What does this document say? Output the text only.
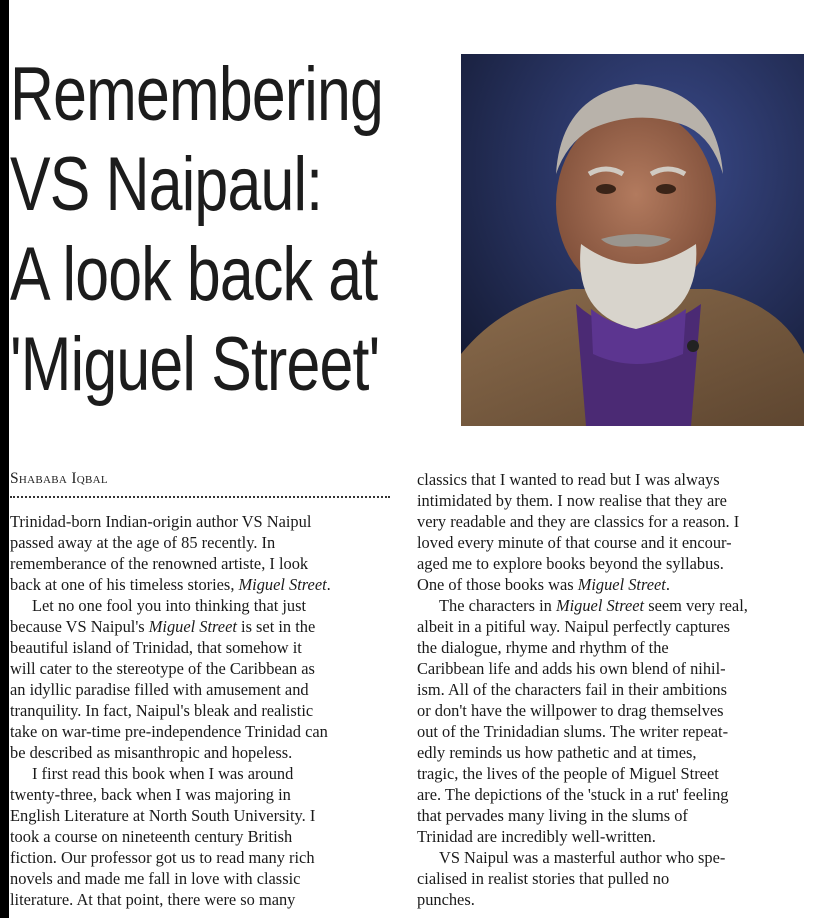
Remembering
VS Naipaul:
A look back at
'Miguel Street'
Shababa Iqbal
Trinidad-born Indian-origin author VS Naipul
passed away at the age of 85 recently. In
rememberance of the renowned artiste, I look
back at one of his timeless stories, Miguel Street.
Let no one fool you into thinking that just
because VS Naipul's Miguel Street is set in the
beautiful island of Trinidad, that somehow it
will cater to the stereotype of the Caribbean as
an idyllic paradise filled with amusement and
tranquility. In fact, Naipul's bleak and realistic
take on war-time pre-independence Trinidad can
be described as misanthropic and hopeless.
I first read this book when I was around
twenty-three, back when I was majoring in
English Literature at North South University. I
took a course on nineteenth century British
fiction. Our professor got us to read many rich
novels and made me fall in love with classic
literature. At that point, there were so many
classics that I wanted to read but I was always
intimidated by them. I now realise that they are
very readable and they are classics for a reason. I
loved every minute of that course and it encour-
aged me to explore books beyond the syllabus.
One of those books was Miguel Street.
The characters in Miguel Street seem very real,
albeit in a pitiful way. Naipul perfectly captures
the dialogue, rhyme and rhythm of the
Caribbean life and adds his own blend of nihil-
ism. All of the characters fail in their ambitions
or don't have the willpower to drag themselves
out of the Trinidadian slums. The writer repeat-
edly reminds us how pathetic and at times,
tragic, the lives of the people of Miguel Street
are. The depictions of the 'stuck in a rut' feeling
that pervades many living in the slums of
Trinidad are incredibly well-written.
VS Naipul was a masterful author who spe-
cialised in realist stories that pulled no
punches.
